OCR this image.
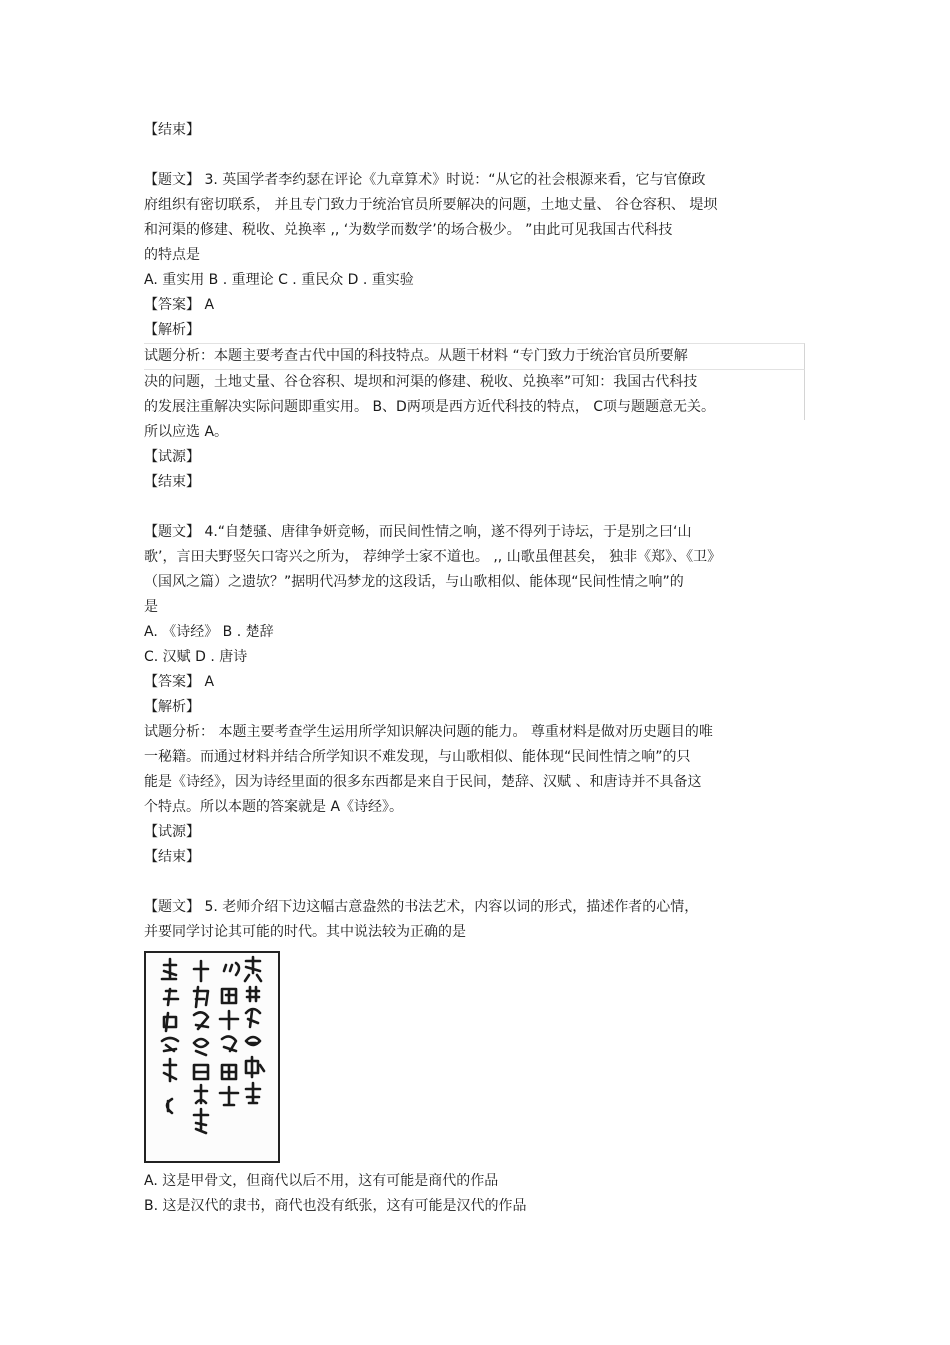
【结束】
【题文】 3. 英国学者李约瑟在评论《九章算术》时说：“从它的社会根源来看，它与官僚政
府组织有密切联系， 并且专门致力于统治官员所要解决的问题，土地丈量、 谷仓容积、 堤坝
和河渠的修建、税收、兑换率 ,, ‘为数学而数学’的场合极少。 ”由此可见我国古代科技
的特点是
A. 重实用 B . 重理论 C . 重民众 D . 重实验
【答案】 A
【解析】
试题分析：本题主要考查古代中国的科技特点。从题干材料 “专门致力于统治官员所要解
决的问题，土地丈量、谷仓容积、堤坝和河渠的修建、税收、兑换率”可知：我国古代科技
的发展注重解决实际问题即重实用。 B、D两项是西方近代科技的特点， C项与题题意无关。
所以应选 A。
【试源】
【结束】
【题文】 4.“自楚骚、唐律争妍竞畅，而民间性情之响，遂不得列于诗坛，于是别之曰‘山
歌’，言田夫野竖矢口寄兴之所为， 荐绅学士家不道也。 ,, 山歌虽俚甚矣， 独非《郑》、《卫》
（国风之篇）之遗欤？”据明代冯梦龙的这段话，与山歌相似、能体现“民间性情之响”的
是
A. 《诗经》 B . 楚辞
C. 汉赋 D . 唐诗
【答案】 A
【解析】
试题分析： 本题主要考查学生运用所学知识解决问题的能力。 尊重材料是做对历史题目的唯
一秘籍。而通过材料并结合所学知识不难发现，与山歌相似、能体现“民间性情之响”的只
能是《诗经》，因为诗经里面的很多东西都是来自于民间，楚辞、汉赋 、和唐诗并不具备这
个特点。所以本题的答案就是 A《诗经》。
【试源】
【结束】
【题文】 5. 老师介绍下边这幅古意盎然的书法艺术，内容以词的形式，描述作者的心情，
并要同学讨论其可能的时代。其中说法较为正确的是
A. 这是甲骨文，但商代以后不用，这有可能是商代的作品
B. 这是汉代的隶书，商代也没有纸张，这有可能是汉代的作品
